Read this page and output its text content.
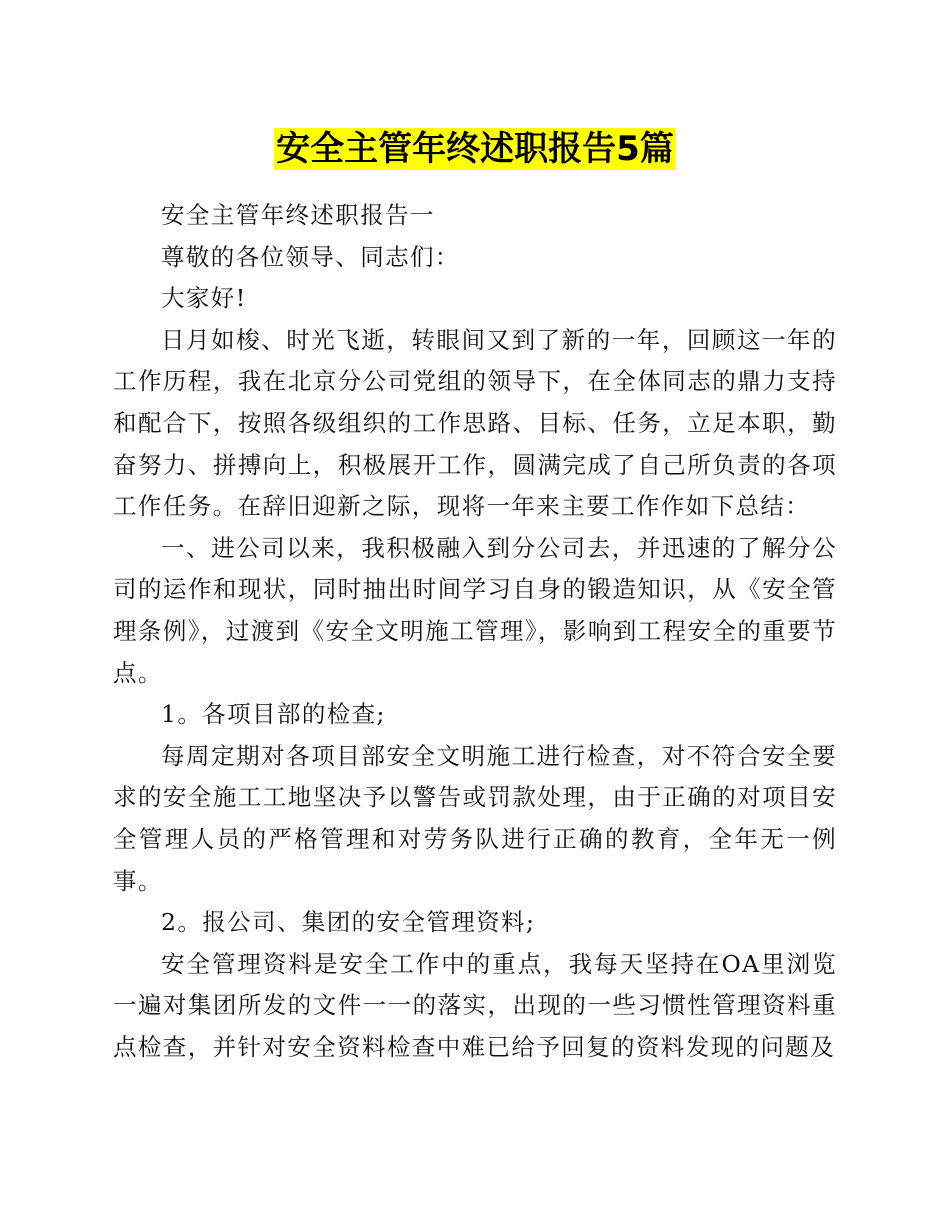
安全主管年终述职报告5篇

安全主管年终述职报告一

尊敬的各位领导、同志们：

大家好!

日月如梭、时光飞逝，转眼间又到了新的一年，回顾这一年的工作历程，我在北京分公司党组的领导下，在全体同志的鼎力支持和配合下，按照各级组织的工作思路、目标、任务，立足本职，勤奋努力、拼搏向上，积极展开工作，圆满完成了自己所负责的各项工作任务。在辞旧迎新之际，现将一年来主要工作作如下总结：

一、进公司以来，我积极融入到分公司去，并迅速的了解分公司的运作和现状，同时抽出时间学习自身的锻造知识，从《安全管理条例》，过渡到《安全文明施工管理》，影响到工程安全的重要节点。

1。各项目部的检查;

每周定期对各项目部安全文明施工进行检查，对不符合安全要求的安全施工工地坚决予以警告或罚款处理，由于正确的对项目安全管理人员的严格管理和对劳务队进行正确的教育，全年无一例事。

2。报公司、集团的安全管理资料;

安全管理资料是安全工作中的重点，我每天坚持在OA里浏览一遍对集团所发的文件一一的落实，出现的一些习惯性管理资料重点检查，并针对安全资料检查中难已给予回复的资料发现的问题及
